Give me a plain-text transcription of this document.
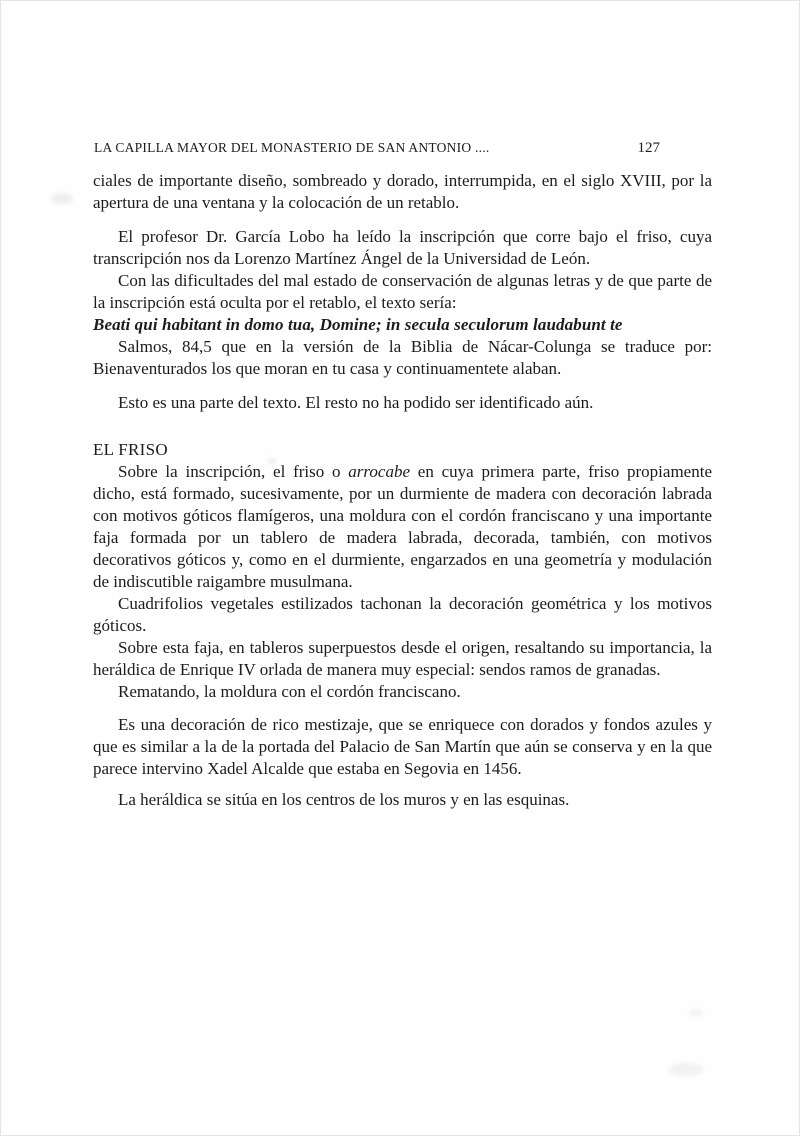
LA CAPILLA MAYOR DEL MONASTERIO DE SAN ANTONIO ....	127

ciales de importante diseño, sombreado y dorado, interrumpida, en el siglo XVIII, por la apertura de una ventana y la colocación de un retablo.

El profesor Dr. García Lobo ha leído la inscripción que corre bajo el friso, cuya transcripción nos da Lorenzo Martínez Ángel de la Universidad de León.

Con las dificultades del mal estado de conservación de algunas letras y de que parte de la inscripción está oculta por el retablo, el texto sería:

Beati qui habitant in domo tua, Domine; in secula seculorum laudabunt te

Salmos, 84,5 que en la versión de la Biblia de Nácar-Colunga se traduce por: Bienaventurados los que moran en tu casa y continuamentete alaban.

Esto es una parte del texto. El resto no ha podido ser identificado aún.

EL FRISO

Sobre la inscripción, el friso o arrocabe en cuya primera parte, friso propiamente dicho, está formado, sucesivamente, por un durmiente de madera con decoración labrada con motivos góticos flamígeros, una moldura con el cordón franciscano y una importante faja formada por un tablero de madera labrada, decorada, también, con motivos decorativos góticos y, como en el durmiente, engarzados en una geometría y modulación de indiscutible raigambre musulmana.

Cuadrifolios vegetales estilizados tachonan la decoración geométrica y los motivos góticos.

Sobre esta faja, en tableros superpuestos desde el origen, resaltando su importancia, la heráldica de Enrique IV orlada de manera muy especial: sendos ramos de granadas.

Rematando, la moldura con el cordón franciscano.

Es una decoración de rico mestizaje, que se enriquece con dorados y fondos azules y que es similar a la de la portada del Palacio de San Martín que aún se conserva y en la que parece intervino Xadel Alcalde que estaba en Segovia en 1456.

La heráldica se sitúa en los centros de los muros y en las esquinas.
